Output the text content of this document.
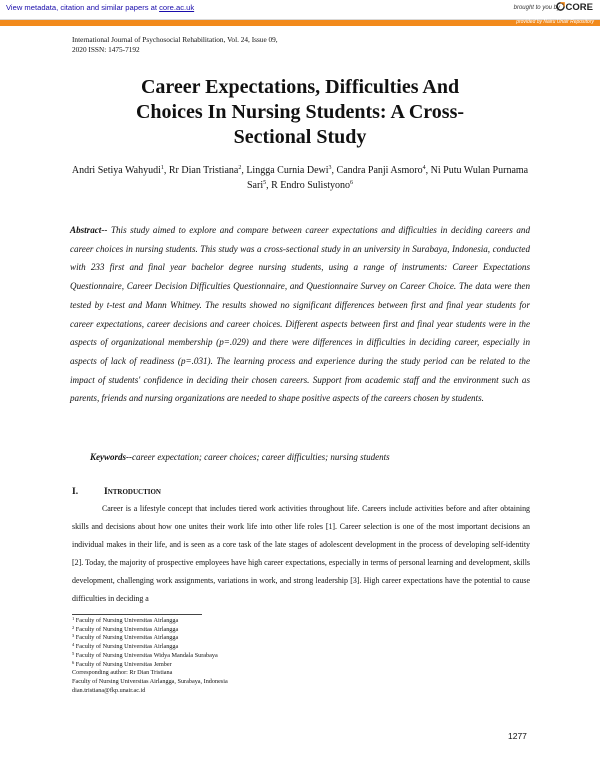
View metadata, citation and similar papers at core.ac.uk	brought to you by CORE
provided by Nairu Unair Repository
International Journal of Psychosocial Rehabilitation, Vol. 24, Issue 09,
2020 ISSN: 1475-7192
Career Expectations, Difficulties And
Choices In Nursing Students: A Cross-
Sectional Study
Andri Setiya Wahyudi$^1$, Rr Dian Tristiana$^2$, Lingga Curnia Dewi$^3$, Candra Panji Asmoro$^4$, Ni Putu Wulan Purnama Sari$^5$, R Endro Sulistyono$^6$
Abstract-- This study aimed to explore and compare between career expectations and difficulties in deciding careers and career choices in nursing students. This study was a cross-sectional study in an university in Surabaya, Indonesia, conducted with 233 first and final year bachelor degree nursing students, using a range of instruments: Career Expectations Questionnaire, Career Decision Difficulties Questionnaire, and Questionnaire Survey on Career Choice. The data were then tested by t-test and Mann Whitney. The results showed no significant differences between first and final year students for career expectations, career decisions and career choices. Different aspects between first and final year students were in the aspects of organizational membership (p=.029) and there were differences in difficulties in deciding career, especially in aspects of lack of readiness (p=.031). The learning process and experience during the study period can be related to the impact of students' confidence in deciding their chosen careers. Support from academic staff and the environment such as parents, friends and nursing organizations are needed to shape positive aspects of the careers chosen by students.
Keywords--career expectation; career choices; career difficulties; nursing students
I.	Introduction
Career is a lifestyle concept that includes tiered work activities throughout life. Careers include activities before and after obtaining skills and decisions about how one unites their work life into other life roles [1]. Career selection is one of the most important decisions an individual makes in their life, and is seen as a core task of the late stages of adolescent development in the process of developing self-identity [2]. Today, the majority of prospective employees have high career expectations, especially in terms of personal learning and development, skills development, challenging work assignments, variations in work, and strong leadership [3]. High career expectations have the potential to cause difficulties in deciding a
$^1$ Faculty of Nursing Universitas Airlangga
$^2$ Faculty of Nursing Universitas Airlangga
$^3$ Faculty of Nursing Universitas Airlangga
$^4$ Faculty of Nursing Universitas Airlangga
$^5$ Faculty of Nursing Universitas Widya Mandala Surabaya
$^6$ Faculty of Nursing Universitas Jember
Corresponding author: Rr Dian Tristiana
Faculty of Nursing Universitas Airlangga, Surabaya, Indonesia
dian.tristiana@fkp.unair.ac.id
1277
